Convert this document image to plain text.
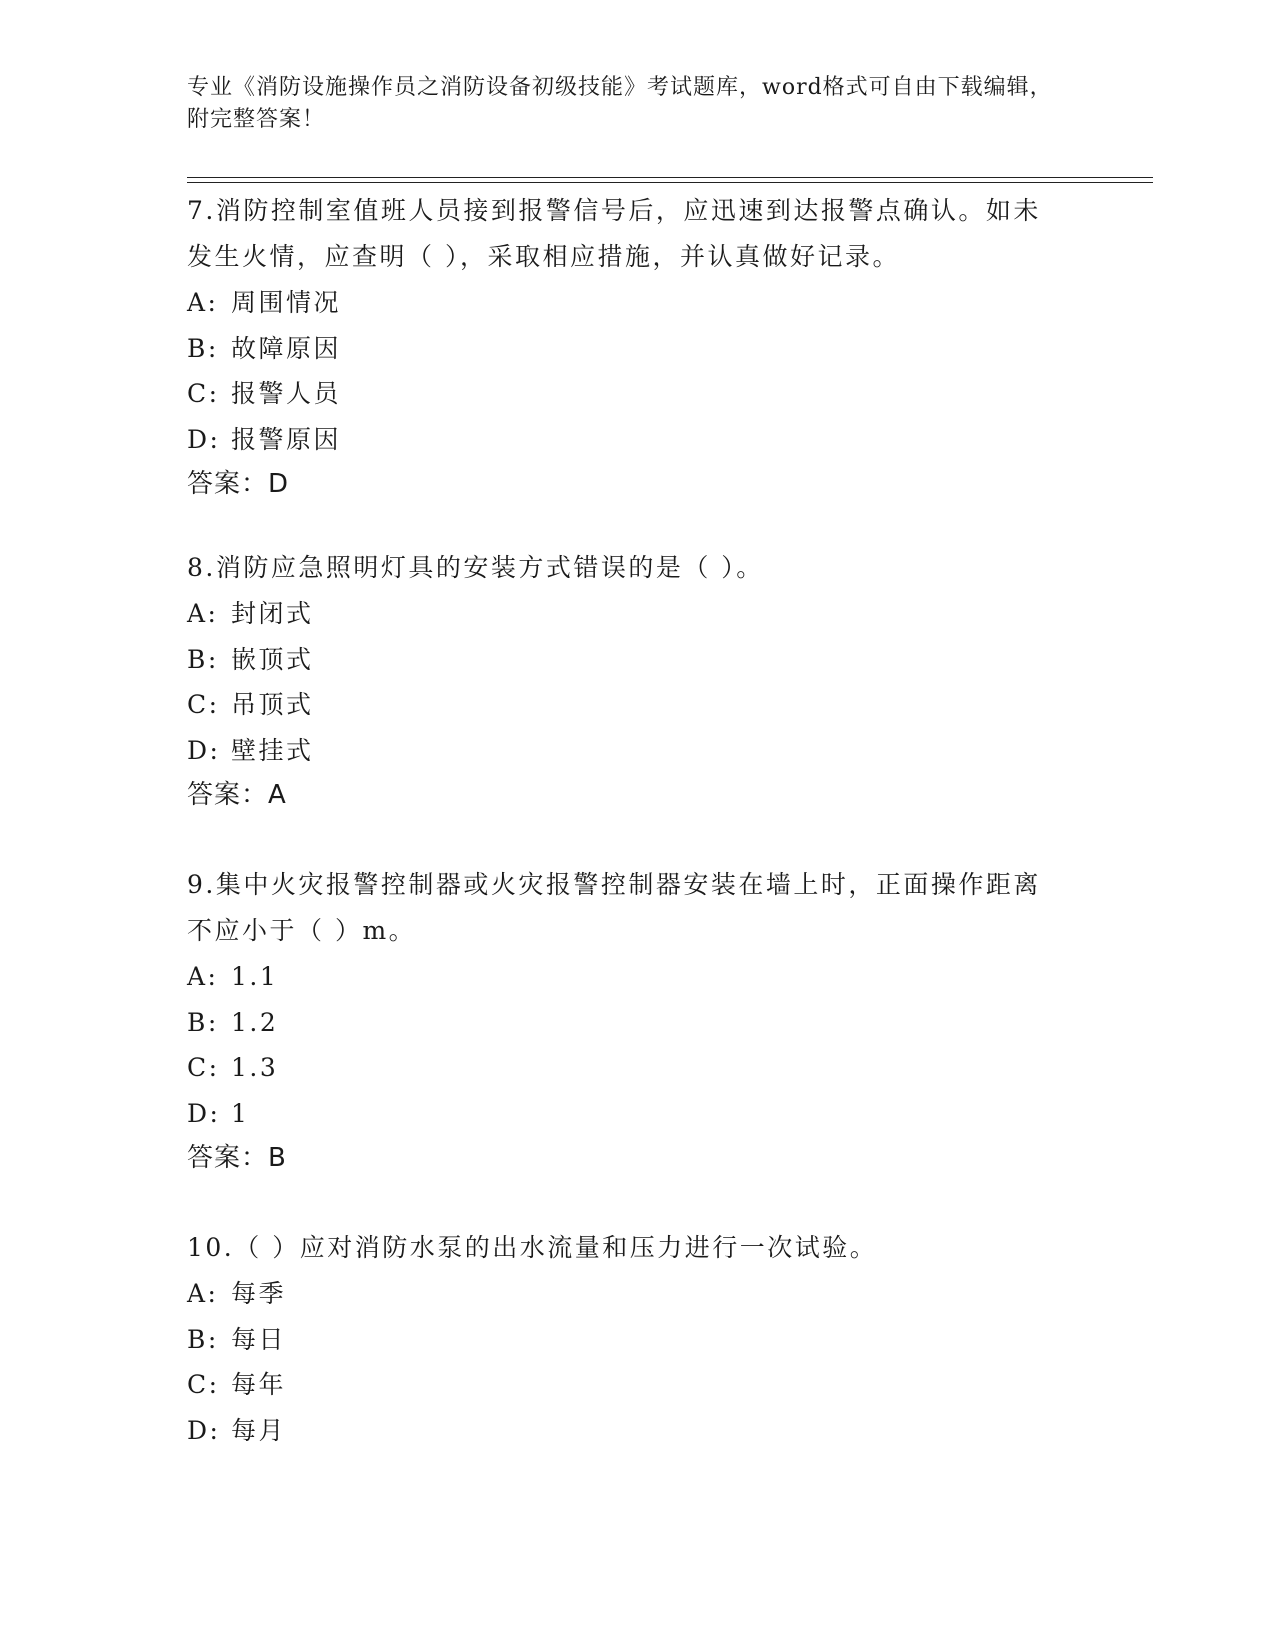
专业《消防设施操作员之消防设备初级技能》考试题库，word格式可自由下载编辑，附完整答案！

7.消防控制室值班人员接到报警信号后，应迅速到达报警点确认。如未发生火情，应查明（ ），采取相应措施，并认真做好记录。

A: 周围情况

B: 故障原因

C: 报警人员

D: 报警原因

答案：D

8.消防应急照明灯具的安装方式错误的是（ ）。

A: 封闭式

B: 嵌顶式

C: 吊顶式

D: 壁挂式

答案：A

9.集中火灾报警控制器或火灾报警控制器安装在墙上时，正面操作距离不应小于（ ）m。

A: 1.1

B: 1.2

C: 1.3

D: 1

答案：B

10.（ ）应对消防水泵的出水流量和压力进行一次试验。

A: 每季

B: 每日

C: 每年

D: 每月
